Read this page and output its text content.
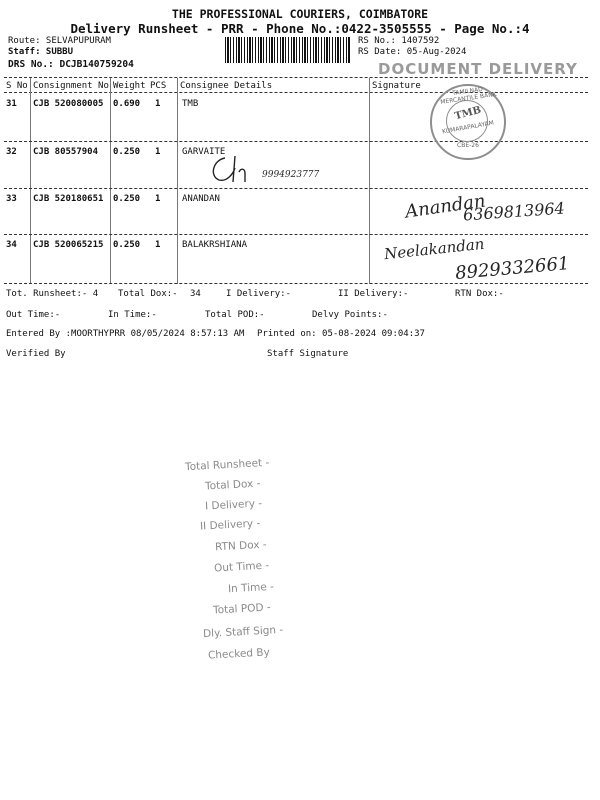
THE PROFESSIONAL COURIERS, COIMBATORE
Delivery Runsheet - PRR - Phone No.:0422-3505555 - Page No.:4
Route: SELVAPUPURAM
Staff: SUBBU
DRS No.: DCJB140759204
RS No.: 1407592
RS Date: 05-Aug-2024
DOCUMENT DELIVERY
S No Consignment No Weight PCS Consignee Details	Signature
31 CJB 520080005 0.690 1 TMB
TAMILNAD MERCANTILE BANK
TMB
KUMARAPALAYAM
CBE-26
32 CJB 80557904 0.250 1 GARVAITE
9994923777
33 CJB 520180651 0.250 1 ANANDAN	Anandan
6369813964
34 CJB 520065215 0.250 1 BALAKRSHIANA	Neelakandan
8929332661
Tot. Runsheet:- 4 Total Dox:- 34	I Delivery:-	II Delivery:-	RTN Dox:-
Out Time:-	In Time:-	Total POD:-	Delvy Points:-
Entered By :MOORTHYPRR 08/05/2024 8:57:13 AM Printed on: 05-08-2024 09:04:37
Verified By	Staff Signature
Total Runsheet -
Total Dox -
I Delivery -
II Delivery -
RTN Dox -
Out Time -
In Time -
Total POD -
Dly. Staff Sign -
Checked By
